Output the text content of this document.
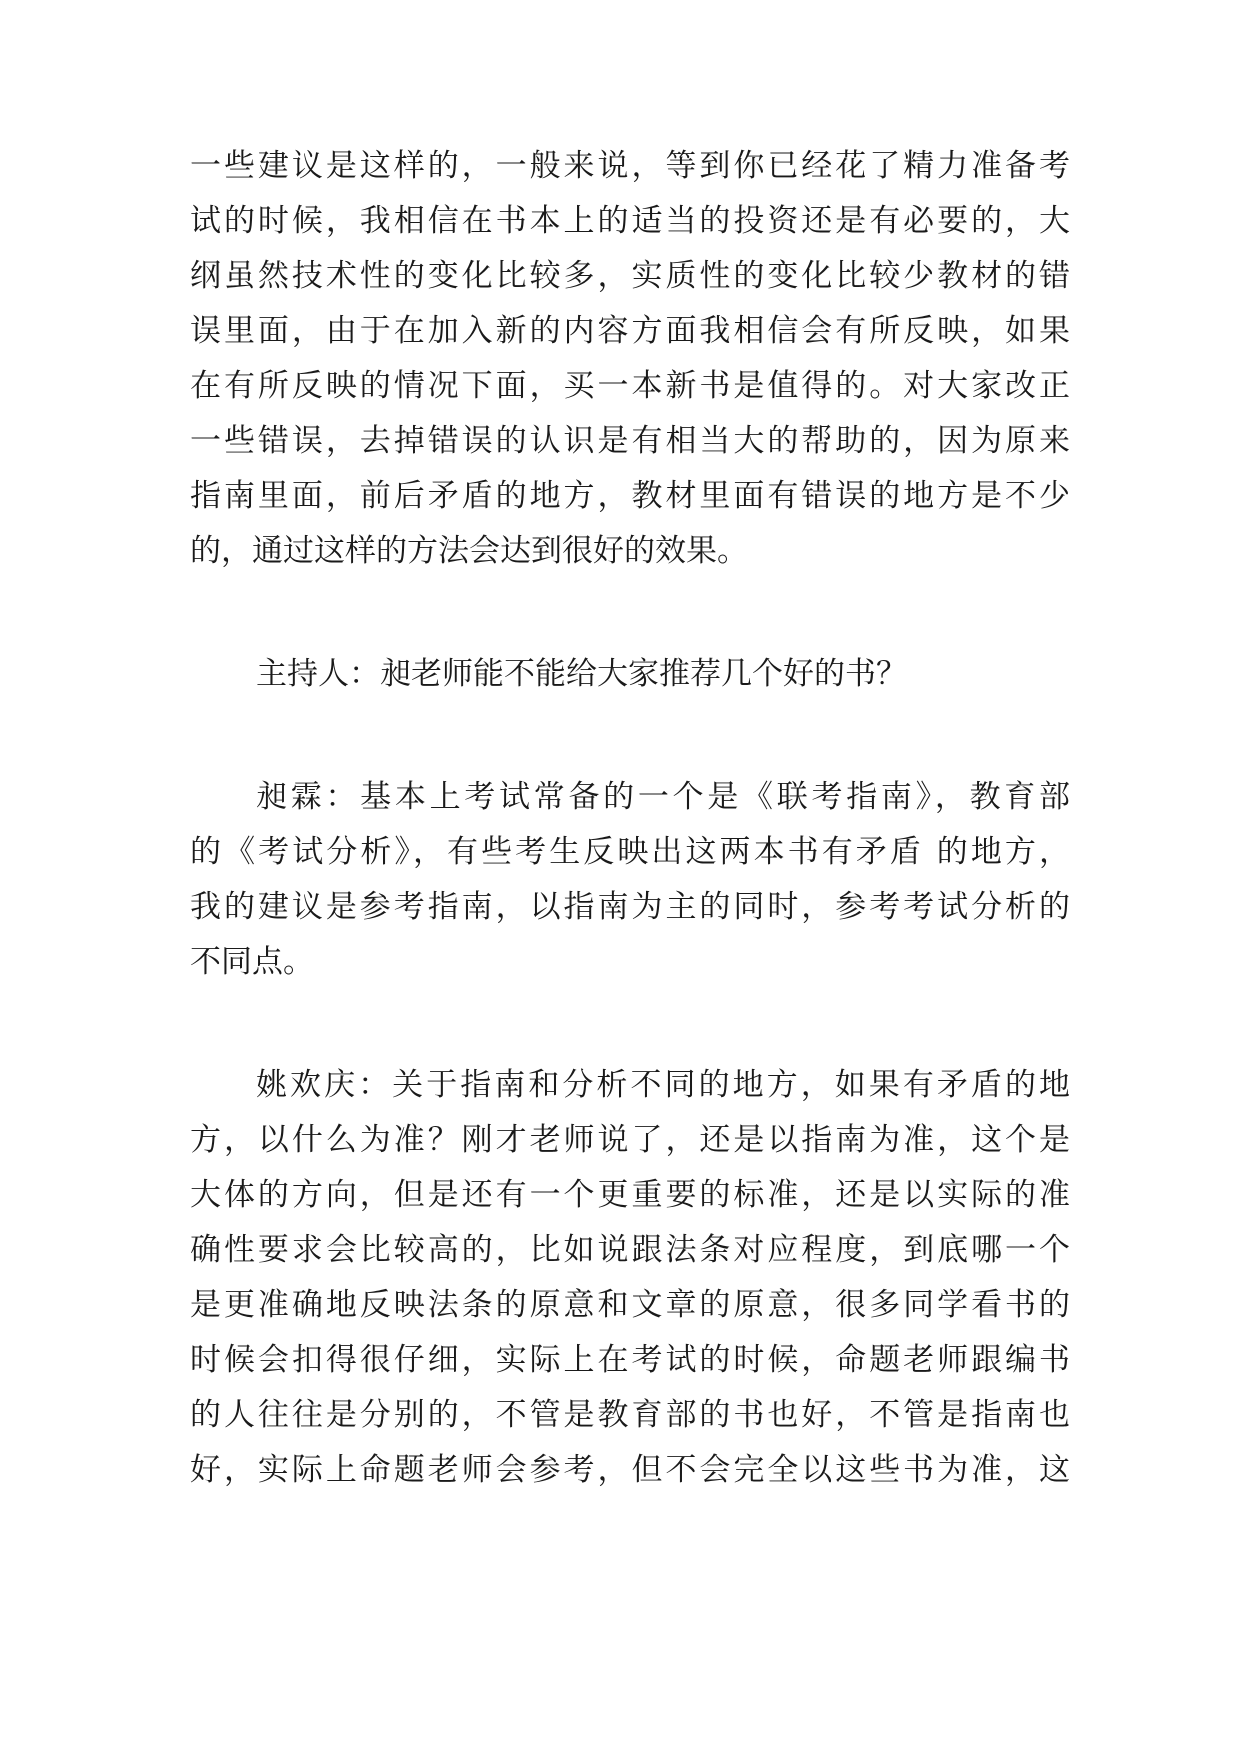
一些建议是这样的，一般来说，等到你已经花了精力准备考
试的时候，我相信在书本上的适当的投资还是有必要的，大
纲虽然技术性的变化比较多，实质性的变化比较少教材的错
误里面，由于在加入新的内容方面我相信会有所反映，如果
在有所反映的情况下面，买一本新书是值得的。对大家改正
一些错误，去掉错误的认识是有相当大的帮助的，因为原来
指南里面，前后矛盾的地方，教材里面有错误的地方是不少
的，通过这样的方法会达到很好的效果。
主持人：昶老师能不能给大家推荐几个好的书？
昶霖：基本上考试常备的一个是《联考指南》，教育部
的《考试分析》，有些考生反映出这两本书有矛盾 的地方，
我的建议是参考指南，以指南为主的同时，参考考试分析的
不同点。
姚欢庆：关于指南和分析不同的地方，如果有矛盾的地
方，以什么为准？刚才老师说了，还是以指南为准，这个是
大体的方向，但是还有一个更重要的标准，还是以实际的准
确性要求会比较高的，比如说跟法条对应程度，到底哪一个
是更准确地反映法条的原意和文章的原意，很多同学看书的
时候会扣得很仔细，实际上在考试的时候，命题老师跟编书
的人往往是分别的，不管是教育部的书也好，不管是指南也
好，实际上命题老师会参考，但不会完全以这些书为准，这
